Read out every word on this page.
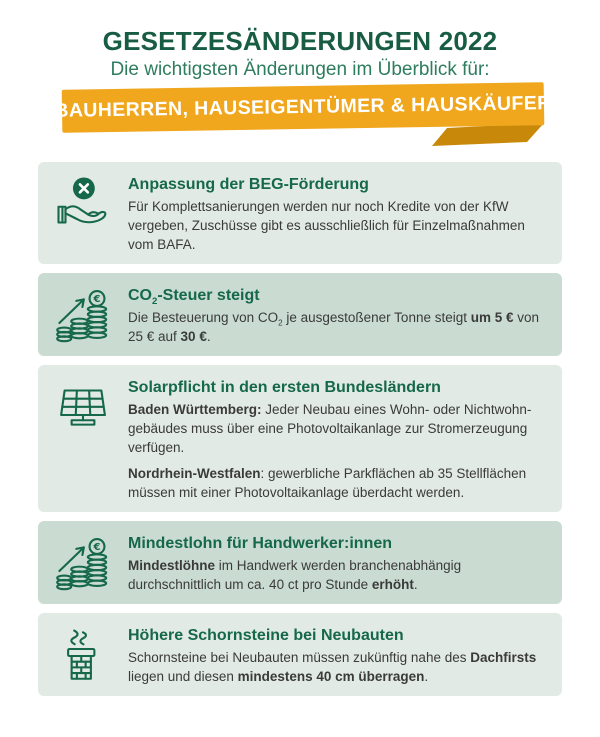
GESETZESÄNDERUNGEN 2022
Die wichtigsten Änderungen im Überblick für:
BAUHERREN, HAUSEIGENTÜMER & HAUSKÄUFER
Anpassung der BEG-Förderung

Für Komplettsanierungen werden nur noch Kredite von der KfW vergeben, Zuschüsse gibt es ausschließlich für Einzelmaßnahmen vom BAFA.

€ $CO_2$-Steuer steigt

Die Besteuerung von $CO_2$ je ausgestoßener Tonne steigt um 5 € von 25 € auf 30 €.

Solarpflicht in den ersten Bundesländern

Baden Württemberg: Jeder Neubau eines Wohn- oder Nichtwohngebäudes muss über eine Photovoltaikanlage zur Stromerzeugung verfügen.

Nordrhein-Westfalen: gewerbliche Parkflächen ab 35 Stellflächen müssen mit einer Photovoltaikanlage überdacht werden.

€ Mindestlohn für Handwerker:innen

Mindestlöhne im Handwerk werden branchenabhängig durchschnittlich um ca. 40 ct pro Stunde erhöht.

Höhere Schornsteine bei Neubauten

Schornsteine bei Neubauten müssen zukünftig nahe des Dachfirsts liegen und diesen mindestens 40 cm überragen.
